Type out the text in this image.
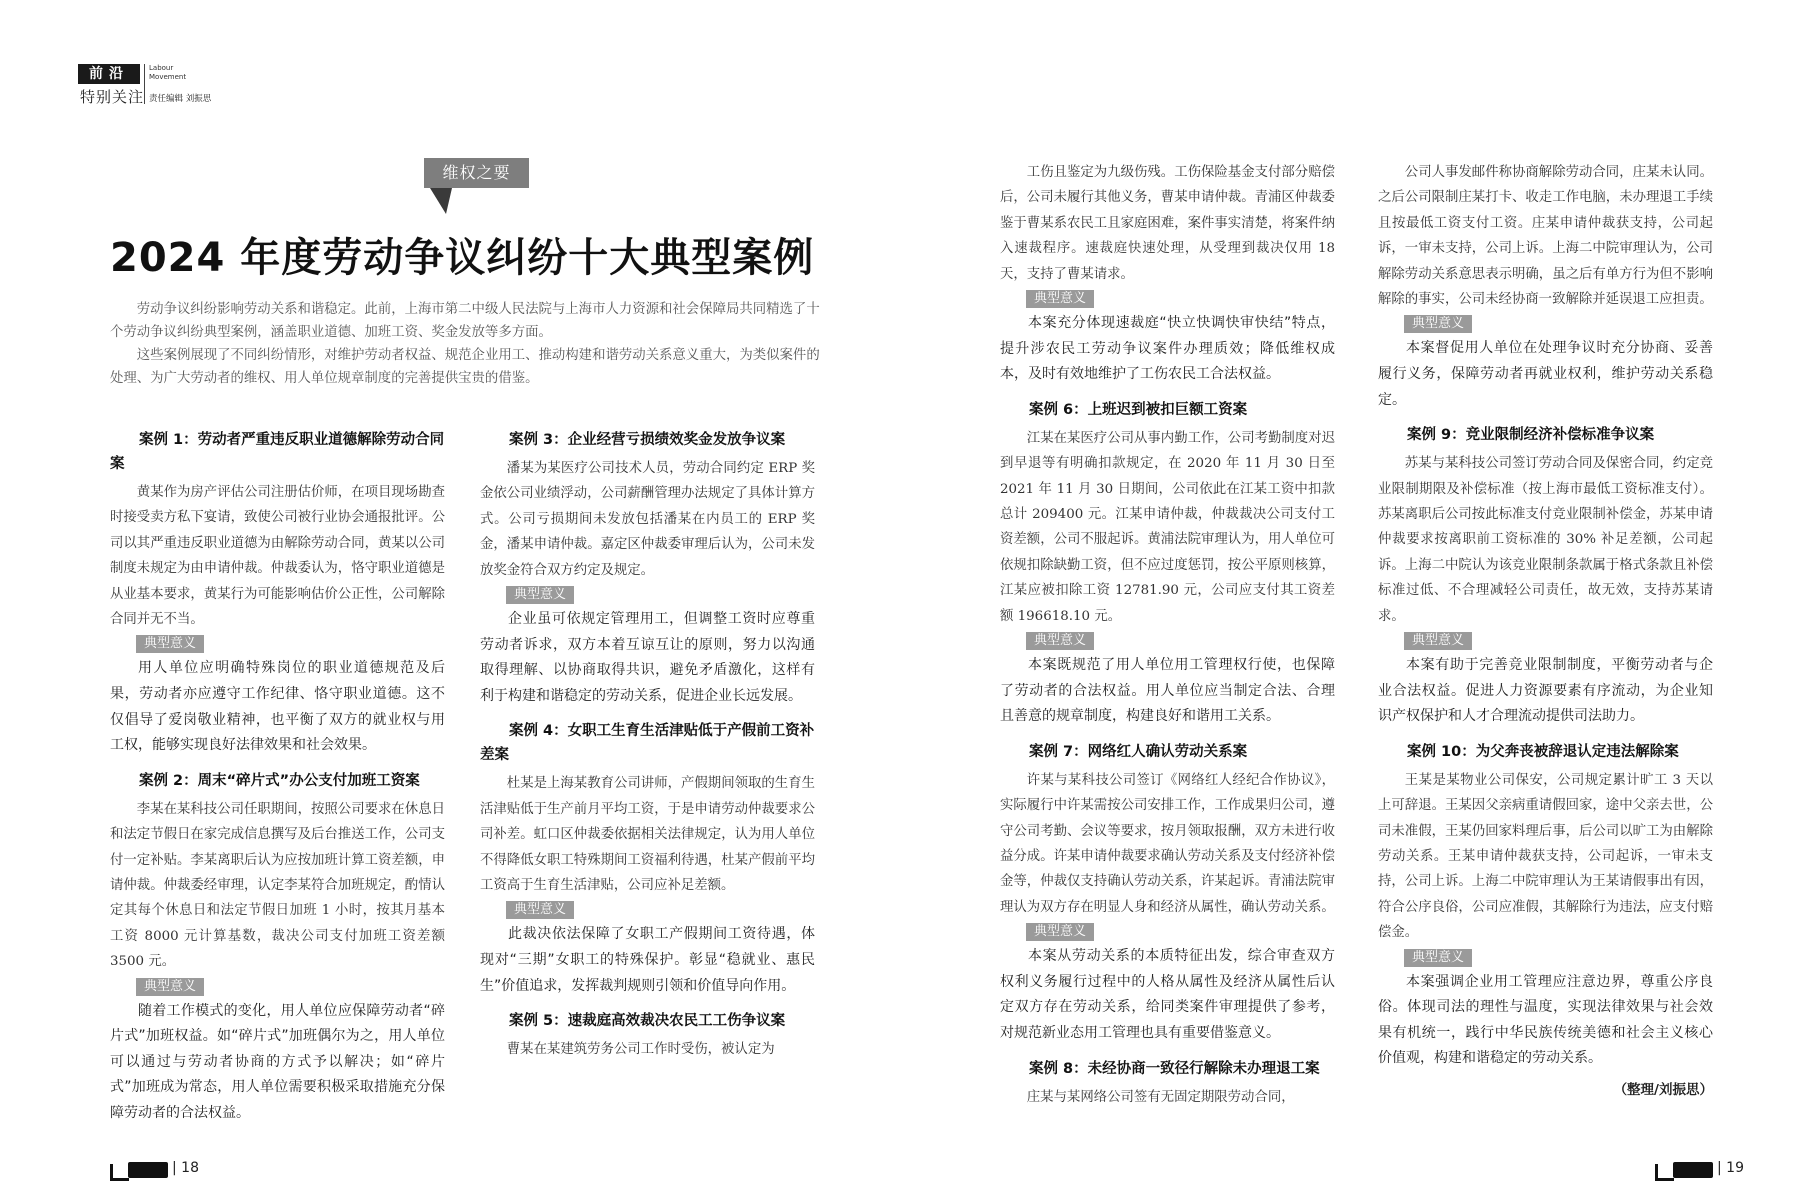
前沿
特别关注
Labour
Movement
责任编辑 刘振思
维权之要
2024 年度劳动争议纠纷十大典型案例

劳动争议纠纷影响劳动关系和谐稳定。此前，上海市第二中级人民法院与上海市人力资源和社会保障局共同精选了十个劳动争议纠纷典型案例，涵盖职业道德、加班工资、奖金发放等多方面。

这些案例展现了不同纠纷情形，对维护劳动者权益、规范企业用工、推动构建和谐劳动关系意义重大，为类似案件的处理、为广大劳动者的维权、用人单位规章制度的完善提供宝贵的借鉴。

案例 1：劳动者严重违反职业道德解除劳动合同案

黄某作为房产评估公司注册估价师，在项目现场勘查时接受卖方私下宴请，致使公司被行业协会通报批评。公司以其严重违反职业道德为由解除劳动合同，黄某以公司制度未规定为由申请仲裁。仲裁委认为，恪守职业道德是从业基本要求，黄某行为可能影响估价公正性，公司解除合同并无不当。

典型意义

用人单位应明确特殊岗位的职业道德规范及后果，劳动者亦应遵守工作纪律、恪守职业道德。这不仅倡导了爱岗敬业精神，也平衡了双方的就业权与用工权，能够实现良好法律效果和社会效果。

案例 2：周末“碎片式”办公支付加班工资案

李某在某科技公司任职期间，按照公司要求在休息日和法定节假日在家完成信息撰写及后台推送工作，公司支付一定补贴。李某离职后认为应按加班计算工资差额，申请仲裁。仲裁委经审理，认定李某符合加班规定，酌情认定其每个休息日和法定节假日加班 1 小时，按其月基本工资 8000 元计算基数，裁决公司支付加班工资差额 3500 元。

典型意义

随着工作模式的变化，用人单位应保障劳动者“碎片式”加班权益。如“碎片式”加班偶尔为之，用人单位可以通过与劳动者协商的方式予以解决；如“碎片式”加班成为常态，用人单位需要积极采取措施充分保障劳动者的合法权益。

案例 3：企业经营亏损绩效奖金发放争议案

潘某为某医疗公司技术人员，劳动合同约定 ERP 奖金依公司业绩浮动，公司薪酬管理办法规定了具体计算方式。公司亏损期间未发放包括潘某在内员工的 ERP 奖金，潘某申请仲裁。嘉定区仲裁委审理后认为，公司未发放奖金符合双方约定及规定。

典型意义

企业虽可依规定管理用工，但调整工资时应尊重劳动者诉求，双方本着互谅互让的原则，努力以沟通取得理解、以协商取得共识，避免矛盾激化，这样有利于构建和谐稳定的劳动关系，促进企业长远发展。

案例 4：女职工生育生活津贴低于产假前工资补差案

杜某是上海某教育公司讲师，产假期间领取的生育生活津贴低于生产前月平均工资，于是申请劳动仲裁要求公司补差。虹口区仲裁委依据相关法律规定，认为用人单位不得降低女职工特殊期间工资福利待遇，杜某产假前平均工资高于生育生活津贴，公司应补足差额。

典型意义

此裁决依法保障了女职工产假期间工资待遇，体现对“三期”女职工的特殊保护。彰显“稳就业、惠民生”价值追求，发挥裁判规则引领和价值导向作用。

案例 5：速裁庭高效裁决农民工工伤争议案

曹某在某建筑劳务公司工作时受伤，被认定为

| 18

工伤且鉴定为九级伤残。工伤保险基金支付部分赔偿后，公司未履行其他义务，曹某申请仲裁。青浦区仲裁委鉴于曹某系农民工且家庭困难，案件事实清楚，将案件纳入速裁程序。速裁庭快速处理，从受理到裁决仅用 18 天，支持了曹某请求。

典型意义

本案充分体现速裁庭“快立快调快审快结”特点，提升涉农民工劳动争议案件办理质效；降低维权成本，及时有效地维护了工伤农民工合法权益。

案例 6：上班迟到被扣巨额工资案

江某在某医疗公司从事内勤工作，公司考勤制度对迟到早退等有明确扣款规定，在 2020 年 11 月 30 日至 2021 年 11 月 30 日期间，公司依此在江某工资中扣款总计 209400 元。江某申请仲裁，仲裁裁决公司支付工资差额，公司不服起诉。黄浦法院审理认为，用人单位可依规扣除缺勤工资，但不应过度惩罚，按公平原则核算，江某应被扣除工资 12781.90 元，公司应支付其工资差额 196618.10 元。

典型意义

本案既规范了用人单位用工管理权行使，也保障了劳动者的合法权益。用人单位应当制定合法、合理且善意的规章制度，构建良好和谐用工关系。

案例 7：网络红人确认劳动关系案

许某与某科技公司签订《网络红人经纪合作协议》，实际履行中许某需按公司安排工作，工作成果归公司，遵守公司考勤、会议等要求，按月领取报酬，双方未进行收益分成。许某申请仲裁要求确认劳动关系及支付经济补偿金等，仲裁仅支持确认劳动关系，许某起诉。青浦法院审理认为双方存在明显人身和经济从属性，确认劳动关系。

典型意义

本案从劳动关系的本质特征出发，综合审查双方权利义务履行过程中的人格从属性及经济从属性后认定双方存在劳动关系，给同类案件审理提供了参考，对规范新业态用工管理也具有重要借鉴意义。

案例 8：未经协商一致径行解除未办理退工案

庄某与某网络公司签有无固定期限劳动合同，

公司人事发邮件称协商解除劳动合同，庄某未认同。之后公司限制庄某打卡、收走工作电脑，未办理退工手续且按最低工资支付工资。庄某申请仲裁获支持，公司起诉，一审未支持，公司上诉。上海二中院审理认为，公司解除劳动关系意思表示明确，虽之后有单方行为但不影响解除的事实，公司未经协商一致解除并延误退工应担责。

典型意义

本案督促用人单位在处理争议时充分协商、妥善履行义务，保障劳动者再就业权利，维护劳动关系稳定。

案例 9：竞业限制经济补偿标准争议案

苏某与某科技公司签订劳动合同及保密合同，约定竞业限制期限及补偿标准（按上海市最低工资标准支付）。苏某离职后公司按此标准支付竞业限制补偿金，苏某申请仲裁要求按离职前工资标准的 30% 补足差额，公司起诉。上海二中院认为该竞业限制条款属于格式条款且补偿标准过低、不合理减轻公司责任，故无效，支持苏某请求。

典型意义

本案有助于完善竞业限制制度，平衡劳动者与企业合法权益。促进人力资源要素有序流动，为企业知识产权保护和人才合理流动提供司法助力。

案例 10：为父奔丧被辞退认定违法解除案

王某是某物业公司保安，公司规定累计旷工 3 天以上可辞退。王某因父亲病重请假回家，途中父亲去世，公司未准假，王某仍回家料理后事，后公司以旷工为由解除劳动关系。王某申请仲裁获支持，公司起诉，一审未支持，公司上诉。上海二中院审理认为王某请假事出有因，符合公序良俗，公司应准假，其解除行为违法，应支付赔偿金。

典型意义

本案强调企业用工管理应注意边界，尊重公序良俗。体现司法的理性与温度，实现法律效果与社会效果有机统一，践行中华民族传统美德和社会主义核心价值观，构建和谐稳定的劳动关系。

（整理/刘振思）

| 19
